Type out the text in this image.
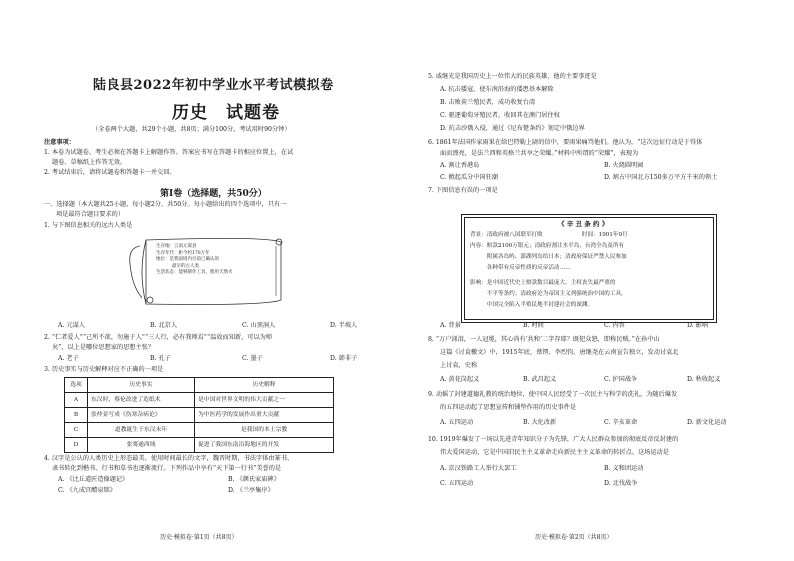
陆良县2022年初中学业水平考试模拟卷
历史　试题卷
（全卷两个大题，共29个小题，共8页；满分100分，考试用时90分钟）
注意事项：
1. 本卷为试题卷，考生必须在答题卡上解题作答。答案应书写在答题卡的相应位置上，在试
题卷、草稿纸上作答无效。
2. 考试结束后，请将试题卷和答题卡一并交回。
第Ⅰ卷（选择题，共50分）
一、选择题（本大题共25小题，每小题2分，共50分。每小题给出的四个选项中，只有一
项是最符合题目要求的）
1. 与下图信息相关的远古人类是
生存地：云南元谋县
生存年代：距今约170万年
地位：是我国境内目前已确认的
最早的古人类
生活状态：能够制作工具，使用天然火
A. 元谋人	B. 北京人	C. 山顶洞人	D. 半坡人
2. “仁者爱人”“己所不欲，勿施于人”“三人行，必有我师焉”“温故而知新，可以为师
矣”，以上是哪位思想家的思想主张？
A. 老子	B. 孔子	C. 墨子	D. 韩非子
3. 历史事实与历史解释对应不正确的一项是
选项	历史事实	历史解释
A	东汉时，蔡伦改进了造纸术	是中国对世界文明的伟大贡献之一
B	张仲景写成《伤寒杂病论》	为中医药学的发展作出重大贡献
C	道教诞生于东汉末年	是我国的本土宗教
D	张骞通西域	促进了我国东南沿海地区的开发
4. 汉字是公认的人类历史上形态最美、使用时间最长的文字，魏晋时期，书法字体由篆书、
隶书转化到楷书、行书和草书也逐渐流行。下列作品中享有“天下第一行书”美誉的是
A. 《比丘道匠造像题记》	B. 《颜氏家庙碑》
C. 《九成宫醴泉铭》	D. 《兰亭集序》
历史·模拟卷·第1页（共8页）
5. 戚继光是我国历史上一位伟大的民族英雄，他的主要事迹是
A. 抗击倭寇，使东南沿海的倭患基本解除
B. 击败荷兰殖民者，成功收复台湾
C. 驱逐葡萄牙殖民者，收回其在澳门居住权
D. 抗击沙俄入侵，通过《尼布楚条约》划定中俄边界
6. 1861年法国作家雨果在给巴特勒上尉的信中，要雨果痛骂他们。他认为，“这次远征行动是于得体
面而漂亮，是法兰西和英格兰共享之荣耀。”材料中所谓的“荣耀”，表现为
A. 割让香港岛	B. 火烧圆明园
C. 掀起瓜分中国狂潮	D. 割占中国北方150多万平方千米的领土
7. 下图信息有误的一项是
《 辛 丑 条 约 》
背景：清政府被八国联军打败　　　　　　　时间：1901年9月
内容：赔款2100万银元；清政府割让水平岛、台湾全岛及所有
　　　附属各岛屿、澎湖列岛给日本；清政府保证严禁人民参加
　　　各种带有反帝性质的反帝活动……
影响：是中国近代史上赔款数目最庞大、主权丧失最严重的
　　　不平等条约；清政府沦为帝国主义列强统治中国的工具，
　　　中国完全陷入半殖民地半封建社会的深渊。
A. 背景	B. 时间	C. 内容	D. 影响
8. “万户涕泪，一人冠冕，其心尚有‘共和’二字存耶？既犯众怒，即称民贼。”在孙中山
这篇《讨袁檄文》中，1915年底，蔡锷、李烈钧、唐继尧在云南宣告独立，发动讨袁北
上讨袁，史称
A. 黄花岗起义	B. 武昌起义	C. 护国战争	D. 秋收起义
9. 动摇了封建道德礼教的统治地位，使中国人民经受了一次民主与科学的洗礼，为随后爆发
的五四运动起了思想宣传和铺垫作用的历史事件是
A. 五四运动	B. 大化改新	C. 辛亥革命	D. 新文化运动
10. 1919年爆发了一场以先进青年知识分子为先锋，广大人民群众参加的彻底反帝反封建的
伟大爱国运动，它是中国旧民主主义革命走向新民主主义革命的转折点。这场运动是
A. 京汉铁路工人举行大罢工	B. 义和团运动
C. 五四运动	D. 北伐战争
历史·模拟卷·第2页（共8页）
